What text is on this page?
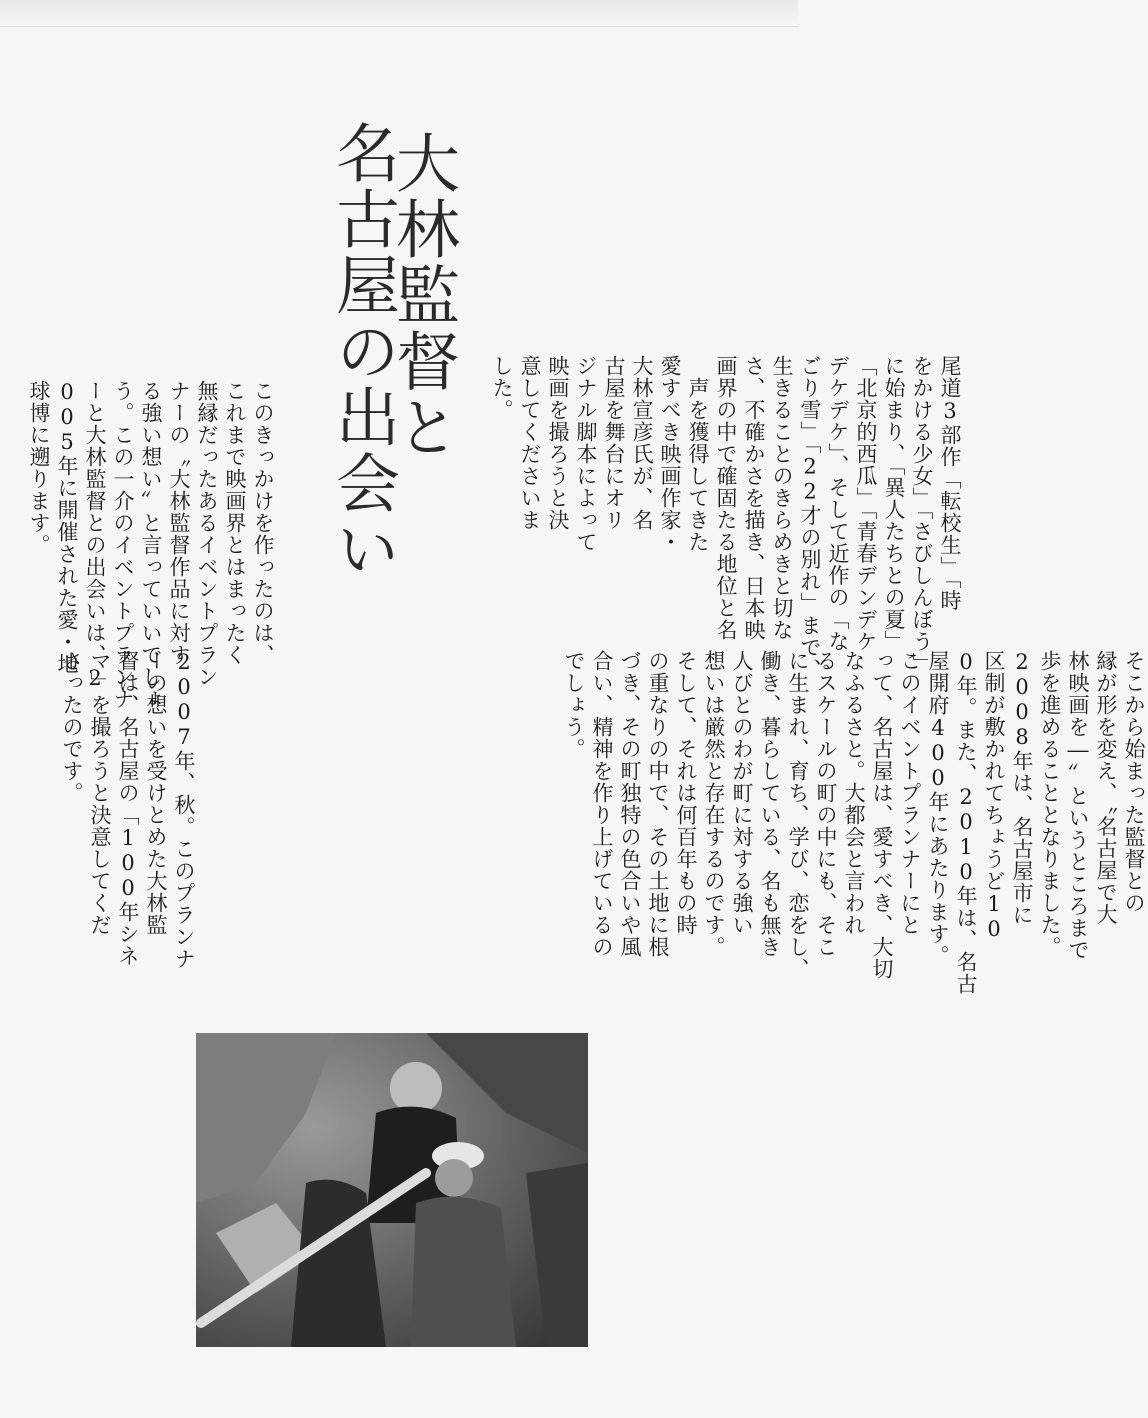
大林監督と
名古屋の出会い	尾道3部作「転校生」「時
をかける少女」「さびしんぼう」
に始まり、「異人たちとの夏」
「北京的西瓜」「青春デンデケ
デケデケ」、そして近作の「な
ごり雪」「22才の別れ」まで、
生きることのきらめきと切な
さ、不確かさを描き、日本映
画界の中で確固たる地位と名
　声を獲得してきた
愛すべき映画作家・
大林宣彦氏が、名
古屋を舞台にオリ
ジナル脚本によって
映画を撮ろうと決
意してくださいま
した。
このきっかけを作ったのは、
これまで映画界とはまったく
無縁だったあるイベントプラン
ナーの〝大林監督作品に対す
る強い想い〟と言っていいでしょ
う。この一介のイベントプランナ
ーと大林監督との出会いは、2
005年に開催された愛・地
球博に遡ります。
そこから始まった監督との
縁が形を変え、〝名古屋で大
林映画を―〟というところまで
歩を進めることとなりました。
2008年は、名古屋市に
区制が敷かれてちょうど10
0年。また、2010年は、名古
屋開府400年にあたります。
このイベントプランナーにと
って、名古屋は、愛すべき、大切
なふるさと。大都会と言われ
るスケールの町の中にも、そこ
に生まれ、育ち、学び、恋をし、
働き、暮らしている、名も無き
人びとのわが町に対する強い
想いは厳然と存在するのです。
そして、それは何百年もの時
の重なりの中で、その土地に根
づき、その町独特の色合いや風
合い、精神を作り上げているの
でしょう。
2007年、秋。このプランナ
ーの想いを受けとめた大林監
督は、名古屋の「100年シネ
マ」を撮ろうと決意してくだ
さったのです。
